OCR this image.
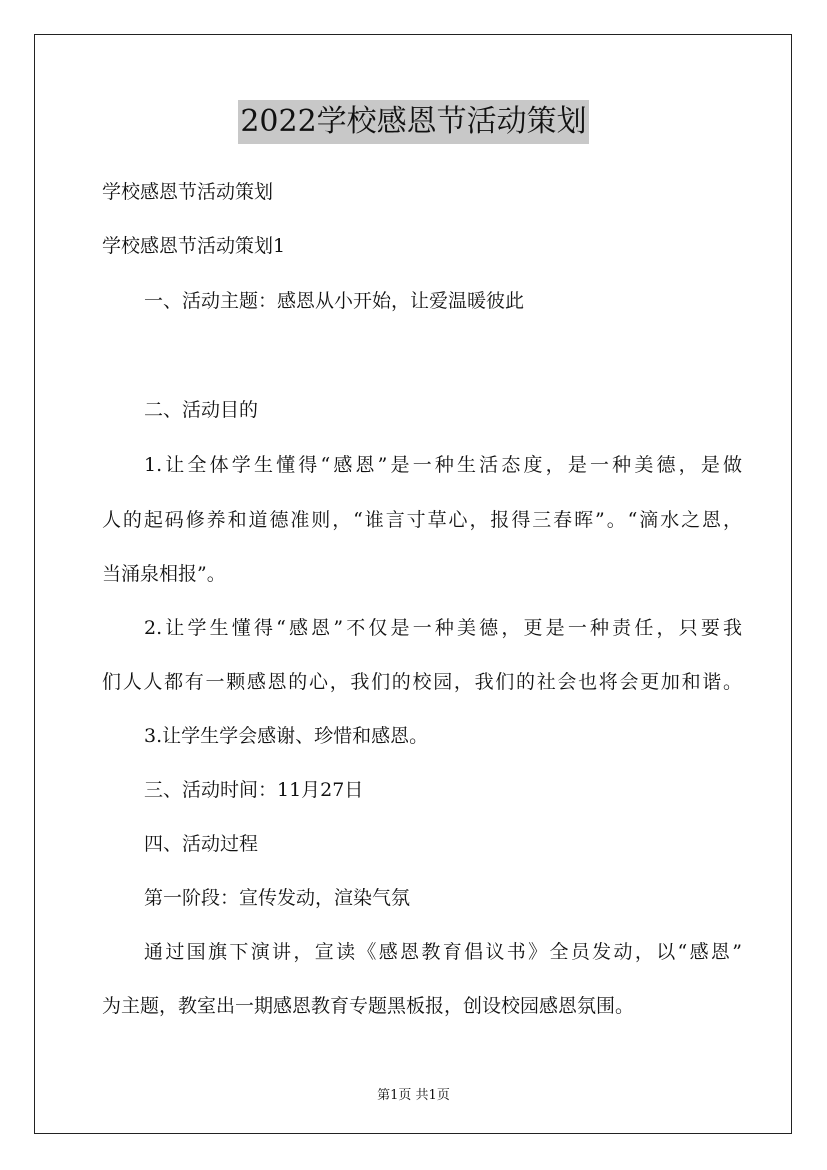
2022学校感恩节活动策划
学校感恩节活动策划
学校感恩节活动策划1
一、活动主题：感恩从小开始，让爱温暖彼此
二、活动目的
1.让全体学生懂得“感恩”是一种生活态度，是一种美德，是做
人的起码修养和道德准则，“谁言寸草心，报得三春晖”。“滴水之恩，
当涌泉相报”。
2.让学生懂得“感恩”不仅是一种美德，更是一种责任，只要我
们人人都有一颗感恩的心，我们的校园，我们的社会也将会更加和谐。
3.让学生学会感谢、珍惜和感恩。
三、活动时间：11月27日
四、活动过程
第一阶段：宣传发动，渲染气氛
通过国旗下演讲，宣读《感恩教育倡议书》全员发动，以“感恩”
为主题，教室出一期感恩教育专题黑板报，创设校园感恩氛围。
第1页 共1页
